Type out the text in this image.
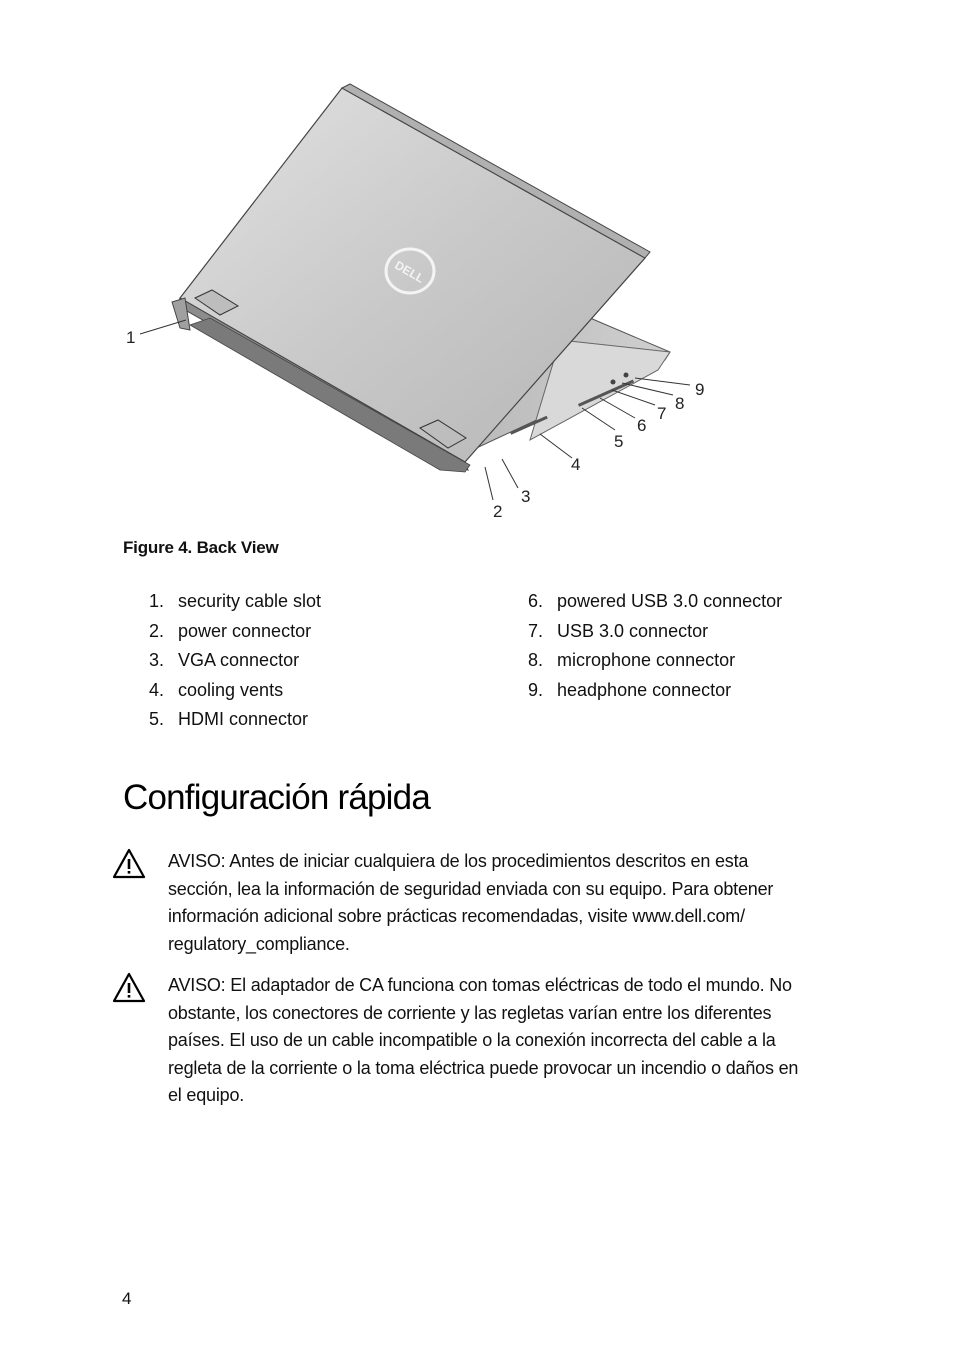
DELL
1
2
3
4
5
6
7
8
9
Figure 4. Back View
1. security cable slot
2. power connector
3. VGA connector
4. cooling vents
5. HDMI connector
6. powered USB 3.0 connector
7. USB 3.0 connector
8. microphone connector
9. headphone connector
Configuración rápida
AVISO: Antes de iniciar cualquiera de los procedimientos descritos en esta
sección, lea la información de seguridad enviada con su equipo. Para obtener
información adicional sobre prácticas recomendadas, visite www.dell.com/
regulatory_compliance.
AVISO: El adaptador de CA funciona con tomas eléctricas de todo el mundo. No
obstante, los conectores de corriente y las regletas varían entre los diferentes
países. El uso de un cable incompatible o la conexión incorrecta del cable a la
regleta de la corriente o la toma eléctrica puede provocar un incendio o daños en
el equipo.
4
